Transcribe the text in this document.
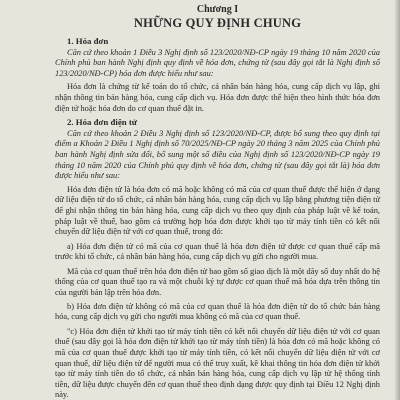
Chương I
NHỮNG QUY ĐỊNH CHUNG
1. Hóa đơn

Căn cứ theo khoản 1 Điều 3 Nghị định số 123/2020/NĐ-CP ngày 19 tháng 10 năm 2020 của Chính phủ ban hành Nghị định quy định về hóa đơn, chứng từ (sau đây gọi tắt là Nghị định số 123/2020/NĐ-CP) hóa đơn được hiểu như sau:

Hóa đơn là chứng từ kế toán do tổ chức, cá nhân bán hàng hóa, cung cấp dịch vụ lập, ghi nhận thông tin bán hàng hóa, cung cấp dịch vụ. Hóa đơn được thể hiện theo hình thức hóa đơn điện tử hoặc hóa đơn do cơ quan thuế đặt in.

2. Hóa đơn điện tử

Căn cứ theo khoản 2 Điều 3 Nghị định số 123/2020/NĐ-CP, được bổ sung theo quy định tại điểm a Khoản 2 Điều 1 Nghị định số 70/2025/NĐ-CP ngày 20 tháng 3 năm 2025 của Chính phủ ban hành Nghị định sửa đổi, bổ sung một số điều của Nghị định số 123/2020/NĐ-CP ngày 19 tháng 10 năm 2020 của Chính phủ quy định về hóa đơn, chứng từ (sau đây gọi tắt là) hóa đơn được hiểu như sau:

Hóa đơn điện tử là hóa đơn có mã hoặc không có mã của cơ quan thuế được thể hiện ở dạng dữ liệu điện tử do tổ chức, cá nhân bán hàng hóa, cung cấp dịch vụ lập bằng phương tiện điện tử để ghi nhận thông tin bán hàng hóa, cung cấp dịch vụ theo quy định của pháp luật về kế toán, pháp luật về thuế, bao gồm cả trường hợp hóa đơn được khởi tạo từ máy tính tiền có kết nối chuyển dữ liệu điện tử với cơ quan thuế, trong đó:

a) Hóa đơn điện tử có mã của cơ quan thuế là hóa đơn điện tử được cơ quan thuế cấp mã trước khi tổ chức, cá nhân bán hàng hóa, cung cấp dịch vụ gửi cho người mua.

Mã của cơ quan thuế trên hóa đơn điện tử bao gồm số giao dịch là một dãy số duy nhất do hệ thống của cơ quan thuế tạo ra và một chuỗi ký tự được cơ quan thuế mã hóa dựa trên thông tin của người bán lập trên hóa đơn.

b) Hóa đơn điện tử không có mã của cơ quan thuế là hóa đơn điện tử do tổ chức bán hàng hóa, cung cấp dịch vụ gửi cho người mua không có mã của cơ quan thuế.

"c) Hóa đơn điện tử khởi tạo từ máy tính tiền có kết nối chuyển dữ liệu điện tử với cơ quan thuế (sau đây gọi là hóa đơn điện tử khởi tạo từ máy tính tiền) là hóa đơn có mã hoặc không có mã của cơ quan thuế được khởi tạo từ máy tính tiền, có kết nối chuyển dữ liệu điện tử với cơ quan thuế, dữ liệu điện tử để người mua có thể truy xuất, kê khai thông tin hóa đơn điện tử khởi tạo từ máy tính tiền do tổ chức, cá nhân bán hàng hóa, cung cấp dịch vụ lập từ hệ thống tính tiền, dữ liệu được chuyển đến cơ quan thuế theo định dạng được quy định tại Điều 12 Nghị định này.
